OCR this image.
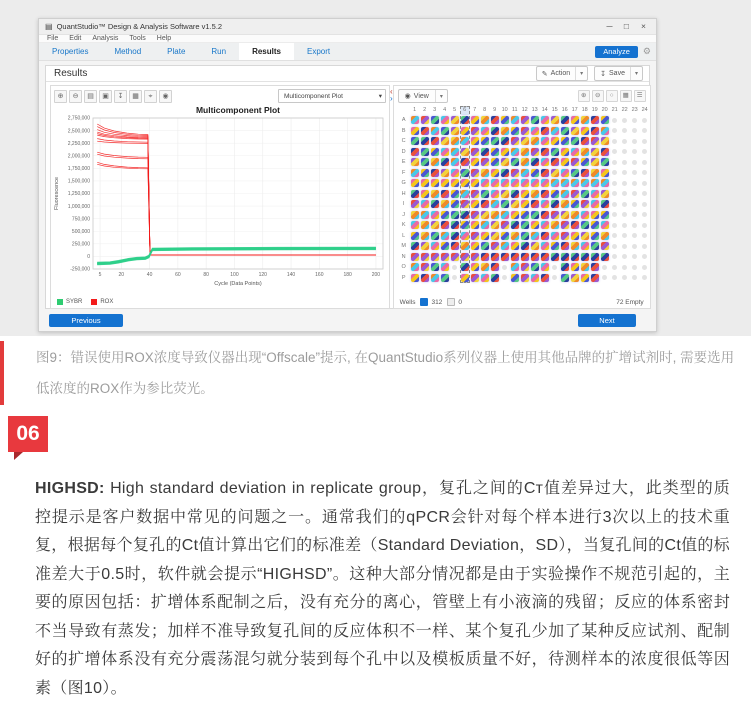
▤ QuantStudio™ Design & Analysis Software v1.5.2	─	□	×
File Edit Analysis Tools Help
Properties	Method	Plate	Run	Results	Export	Analyze	⚙
Results	✎ Action	▾	↧ Save	▾
⊕	⊖	▤	▣	↧	▦	⌖	◉	Multicomponent Plot	▾
-250,000
0
250,000
500,000
750,000
1,000,000
1,250,000
1,500,000
1,750,000
2,000,000
2,250,000
2,500,000
2,750,000
5	20	40	60	80	100	120	140	160	180	200
Multicomponent Plot
Cycle (Data Points)
Fluorescence
SYBR	ROX
‹
› ◉ View	▾	⊕	⊖	○	▦	☰
1	2	3	4	5	6	7	8	9 10 11 12 13 14 15 16 17 18 19 20 21 22 23 24
A
B
C
D
E
F
G
H
I
J
K
L
M
N
O
P
Wells 312 0	72 Empty
Previous	Next
图9：错误使用ROX浓度导致仪器出现“Offscale”提示, 在QuantStudio系列仪器上使用其他品牌的扩增试剂时, 需要选用低浓度的ROX作为参比荧光。
06

HIGHSD: High standard deviation in replicate group，复孔之间的Cт值差异过大，此类型的质控提示是客户数据中常见的问题之一。通常我们的qPCR会针对每个样本进行3次以上的技术重复，根据每个复孔的Ct值计算出它们的标准差（Standard Deviation，SD），当复孔间的Ct值的标准差大于0.5时，软件就会提示“HIGHSD”。这种大部分情况都是由于实验操作不规范引起的，主要的原因包括：扩增体系配制之后，没有充分的离心，管壁上有小液滴的残留；反应的体系密封不当导致有蒸发；加样不准导致复孔间的反应体积不一样、某个复孔少加了某种反应试剂、配制好的扩增体系没有充分震荡混匀就分装到每个孔中以及模板质量不好，待测样本的浓度很低等因素（图10）。
